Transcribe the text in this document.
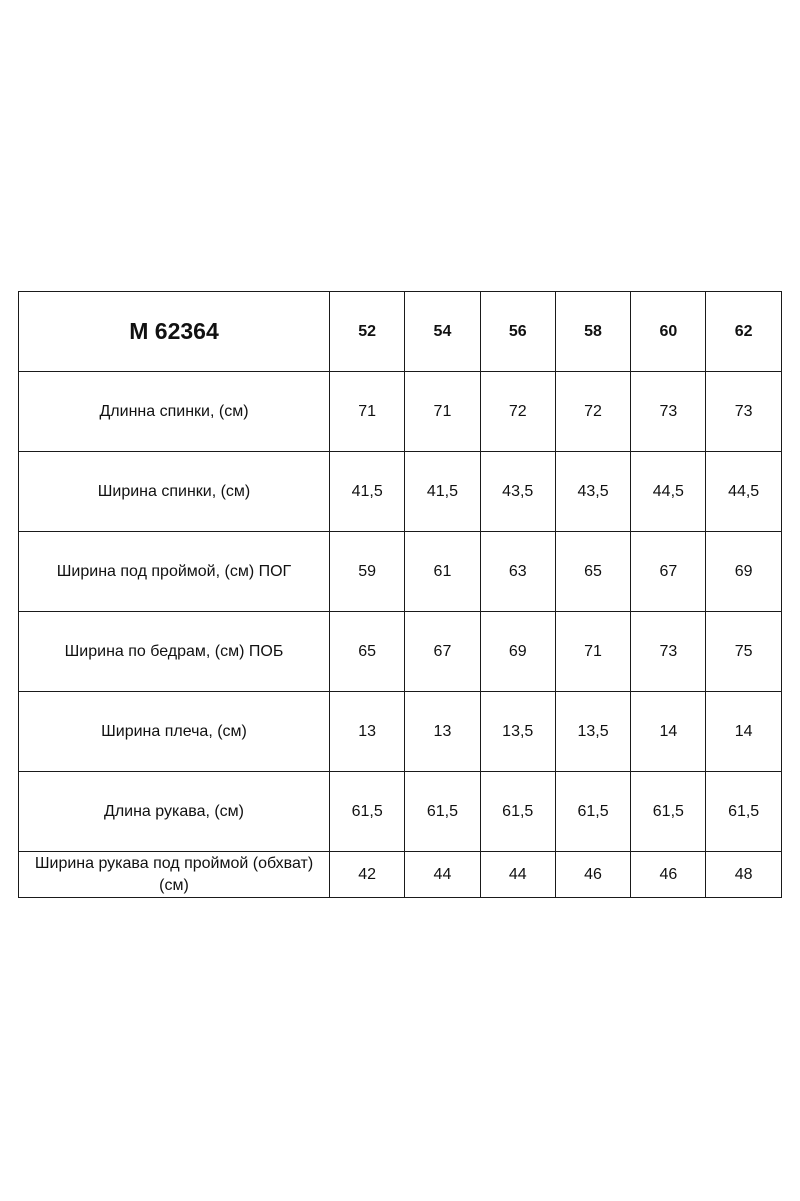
М 62364	52	54	56	58	60	62
Длинна спинки, (см)	71	71	72	72	73	73
Ширина спинки, (см)	41,5	41,5	43,5	43,5	44,5	44,5
Ширина под проймой, (см) ПОГ	59	61	63	65	67	69
Ширина по бедрам, (см) ПОБ	65	67	69	71	73	75
Ширина плеча, (см)	13	13	13,5	13,5	14	14
Длина рукава, (см)	61,5	61,5	61,5	61,5	61,5	61,5
Ширина рукава под проймой (обхват) (см)	42	44	44	46	46	48
